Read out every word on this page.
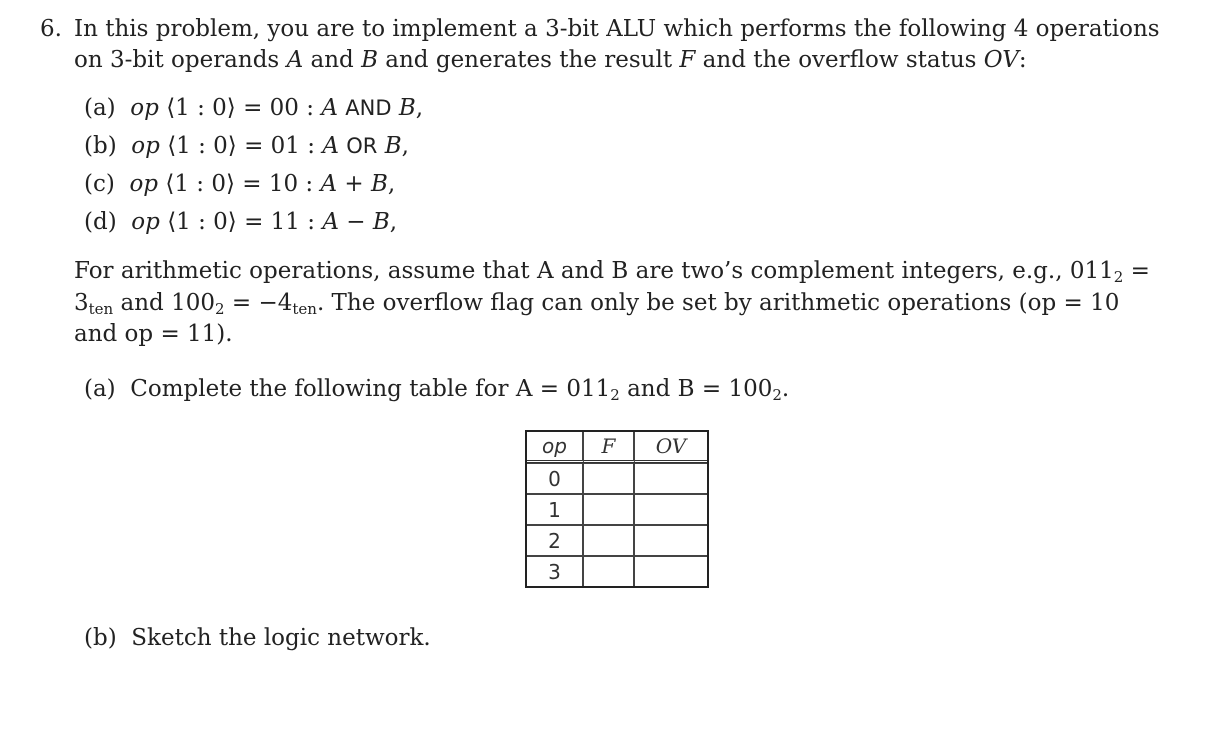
6. In this problem, you are to implement a 3-bit ALU which performs the following 4 operations
on 3-bit operands A and B and generates the result F and the overflow status OV:
(a) op ⟨1 : 0⟩ = 00 : A AND B,
(b) op ⟨1 : 0⟩ = 01 : A OR B,
(c) op ⟨1 : 0⟩ = 10 : A + B,
(d) op ⟨1 : 0⟩ = 11 : A − B,
For arithmetic operations, assume that A and B are two’s complement integers, e.g., $011_2$ =
$3_{ten}$ and $100_2 = -4_{ten}$. The overflow flag can only be set by arithmetic operations (op = 10
and op = 11).
(a) Complete the following table for $A = 011_2$ and $B = 100_2$.
op	F	OV
0		
1		
2		
3		
(b) Sketch the logic network.
